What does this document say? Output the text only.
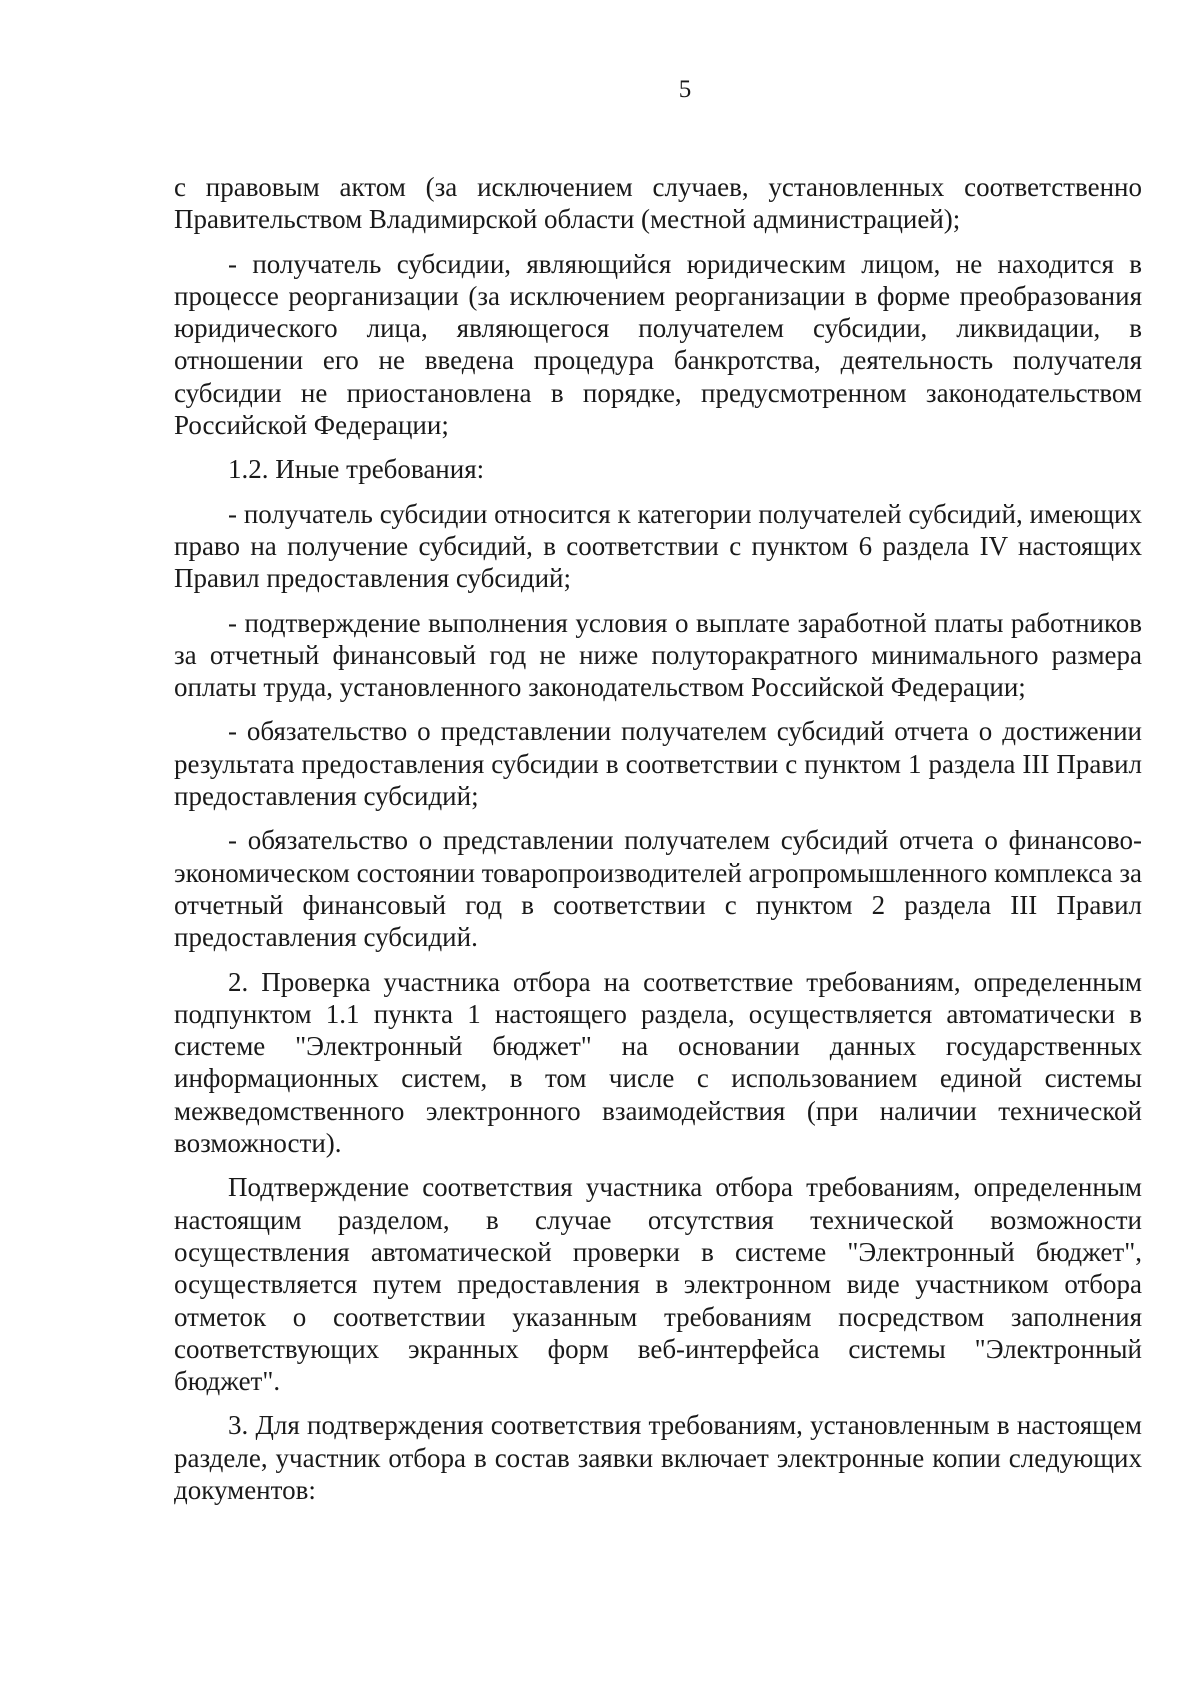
5

с правовым актом (за исключением случаев, установленных соответственно Правительством Владимирской области (местной администрацией);

- получатель субсидии, являющийся юридическим лицом, не находится в процессе реорганизации (за исключением реорганизации в форме преобразования юридического лица, являющегося получателем субсидии, ликвидации, в отношении его не введена процедура банкротства, деятельность получателя субсидии не приостановлена в порядке, предусмотренном законодательством Российской Федерации;

1.2. Иные требования:

- получатель субсидии относится к категории получателей субсидий, имеющих право на получение субсидий, в соответствии с пунктом 6 раздела IV настоящих Правил предоставления субсидий;

- подтверждение выполнения условия о выплате заработной платы работников за отчетный финансовый год не ниже полуторакратного минимального размера оплаты труда, установленного законодательством Российской Федерации;

- обязательство о представлении получателем субсидий отчета о достижении результата предоставления субсидии в соответствии с пунктом 1 раздела III Правил предоставления субсидий;

- обязательство о представлении получателем субсидий отчета о финансово-экономическом состоянии товаропроизводителей агропромышленного комплекса за отчетный финансовый год в соответствии с пунктом 2 раздела III Правил предоставления субсидий.

2. Проверка участника отбора на соответствие требованиям, определенным подпунктом 1.1 пункта 1 настоящего раздела, осуществляется автоматически в системе "Электронный бюджет" на основании данных государственных информационных систем, в том числе с использованием единой системы межведомственного электронного взаимодействия (при наличии технической возможности).

Подтверждение соответствия участника отбора требованиям, определенным настоящим разделом, в случае отсутствия технической возможности осуществления автоматической проверки в системе "Электронный бюджет", осуществляется путем предоставления в электронном виде участником отбора отметок о соответствии указанным требованиям посредством заполнения соответствующих экранных форм веб-интерфейса системы "Электронный бюджет".

3. Для подтверждения соответствия требованиям, установленным в настоящем разделе, участник отбора в состав заявки включает электронные копии следующих документов:
